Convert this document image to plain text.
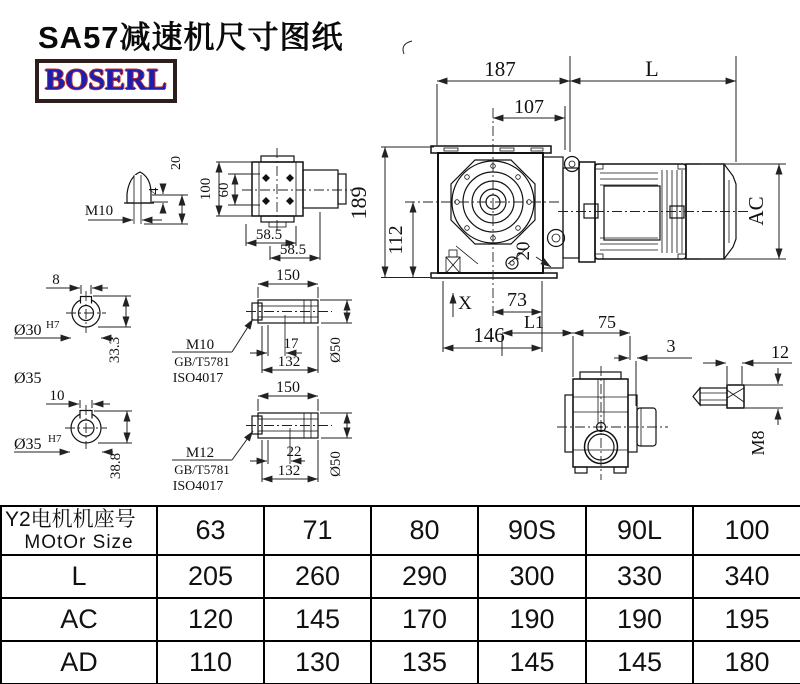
SA57减速机尺寸图纸
BOSERL
M10
4
20
100 60
58.5
58.5
8
Ø30 H7
33.3
Ø35
10
Ø35 H7
38.8
150
17
132 Ø50
M10
GB/T5781
ISO4017
150
22
132 Ø50
M12
GB/T5781
ISO4017
187	L
107
189
112
AC
20
73
146
X
L1	75
3	12
M8
Y2电机机座号
MOtOr Size	63	71	80	90S	90L	100
L	205	260	290	300	330	340
AC	120	145	170	190	190	195
AD	110	130	135	145	145	180
